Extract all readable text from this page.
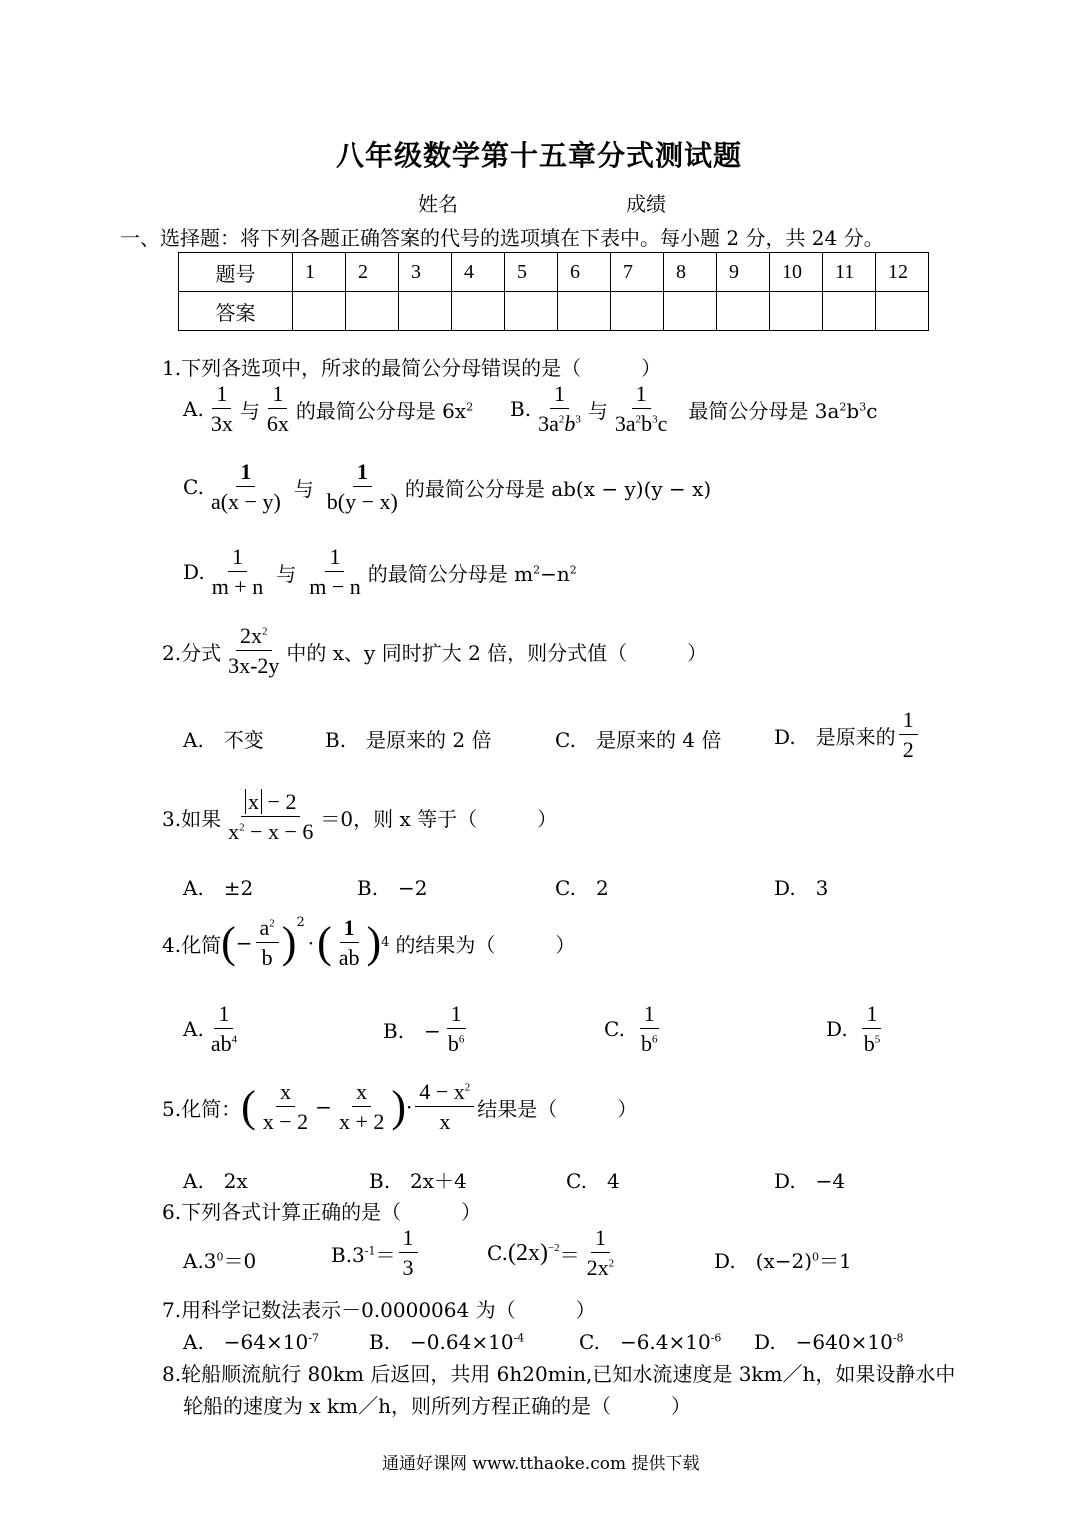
八年级数学第十五章分式测试题
姓名	成绩
一、选择题：将下列各题正确答案的代号的选项填在下表中。每小题 2 分，共 24 分。
题号	1	2	3	4	5	6	7	8	9	10	11	12
答案												
1.下列各选项中，所求的最简公分母错误的是（　　　）
A. $\frac{1}{3x}$ 与 $\frac{1}{6x}$ 的最简公分母是 $6x^2$ B. $\frac{1}{3a^2b^3}$ 与 $\frac{1}{3a^2b^3c}$ 最简公分母是 $3a^2b^3c$
C. $\frac{1}{a(x - y)}$ 与 $\frac{1}{b(y - x)}$ 的最简公分母是 ab(x − y)(y − x)
D. $\frac{1}{m + n}$ 与 $\frac{1}{m - n}$ 的最简公分母是 $m^2-n^2$
2.分式 $\frac{2x^2}{3x-2y}$ 中的 x、y 同时扩大 2 倍，则分式值（　　　）
A.　不变	B.　是原来的 2 倍	C.　是原来的 4 倍	D.　是原来的 $\frac{1}{2}$
3.如果 $\frac{x - 2}{x^2 - x - 6} =0$，则 x 等于（　　　）
A.　±2	B.　−2	C.　2	D.　3
4.化简 ( − $\frac{a^2}{b}$ ) 2
· ( $\frac{1}{ab}$ ) 4 的结果为（　　　）
A. $\frac{1}{ab^4}$	B.　− $\frac{1}{b^6}$	C. $\frac{1}{b^6}$	D. $\frac{1}{b^5}$
5.化简： ( $\frac{x}{x - 2} - \frac{x}{x + 2}$ ) · $\frac{4 - x^2}{x}$ 结果是（　　　）
A.　2x	B.　2x＋4	C.　4	D.　−4
6.下列各式计算正确的是（　　　）
$A.3^0=0$	$B.3^{-1}= \frac{1}{3}$	C. $(2x)^{-2} = \frac{1}{2x^2}$	D.　$(x-2)^0=1$
7.用科学记数法表示－0.0000064 为（　　　）
A.　$-64\times 10^{-7}$	B.　$-0.64\times 10^{-4}$	C.　$-6.4\times 10^{-6}$ D.　$-640\times 10^{-8}$
8.轮船顺流航行 80km 后返回，共用 6h20min,已知水流速度是 3km／h，如果设静水中
轮船的速度为 x km／h，则所列方程正确的是（　　　）
通通好课网 www.tthaoke.com 提供下载
